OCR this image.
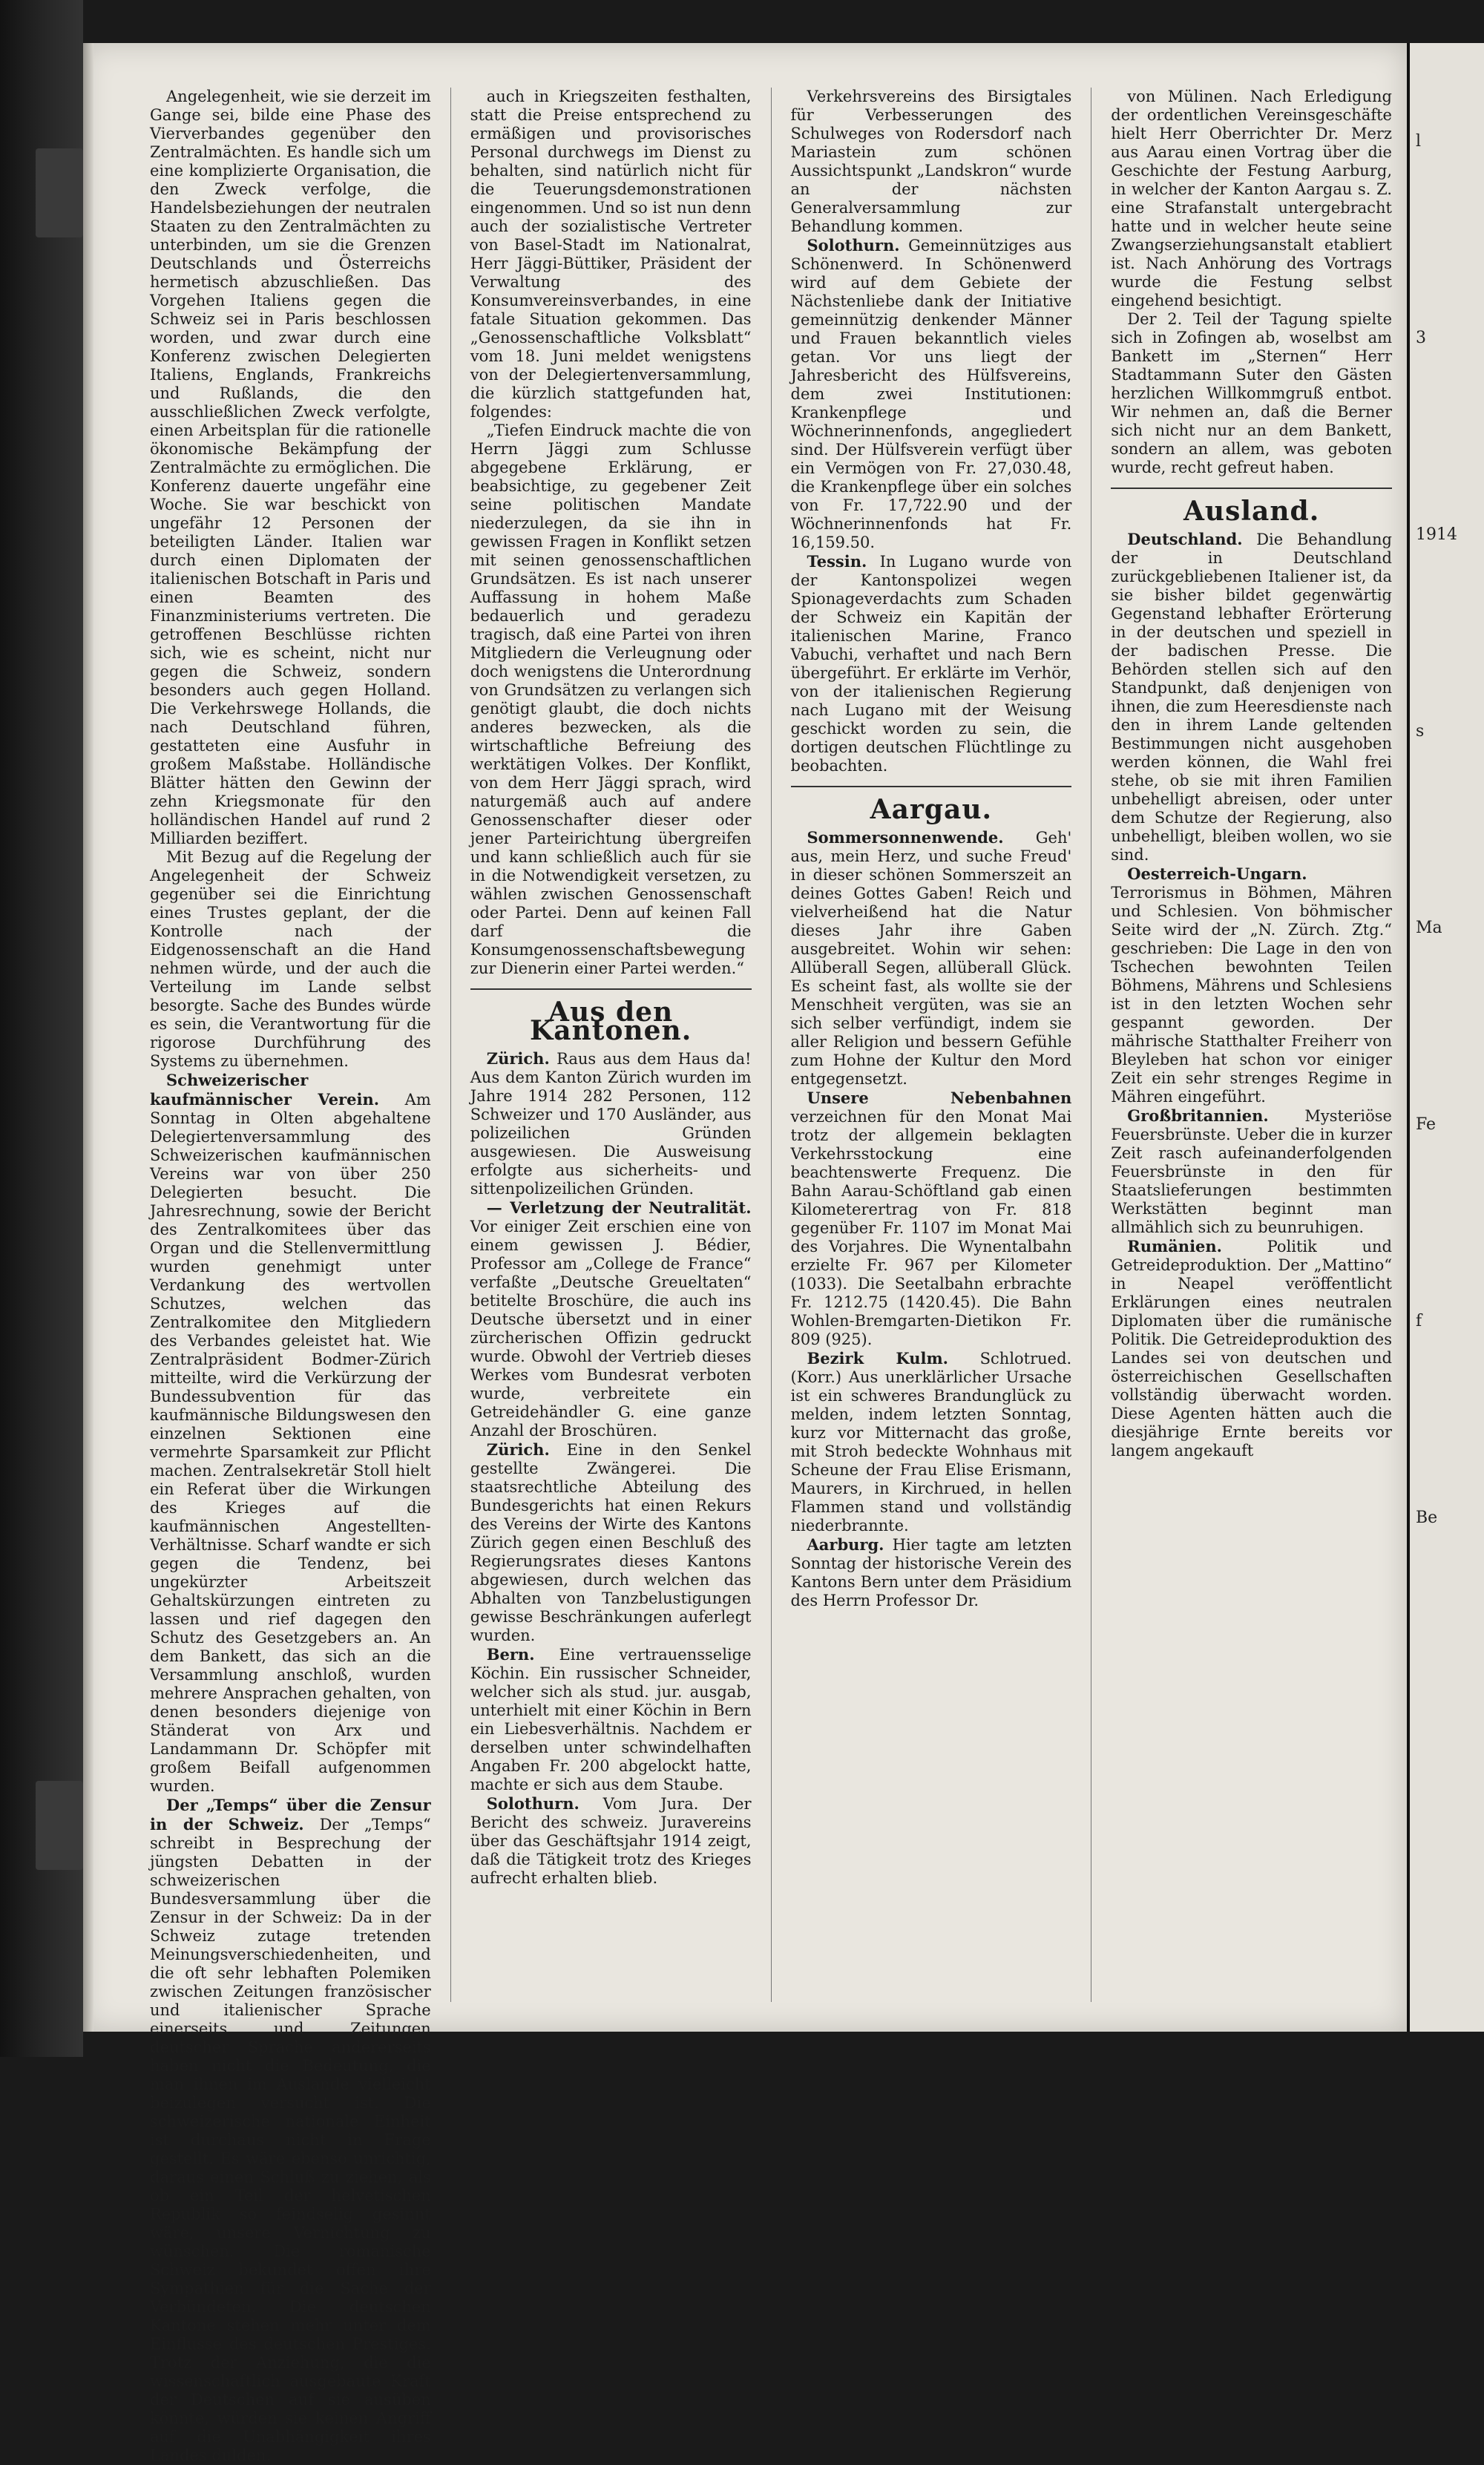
Angelegenheit, wie sie derzeit im Gange sei, bilde eine Phase des Vierverbandes gegenüber den Zentralmächten. Es handle sich um eine komplizierte Organisation, die den Zweck verfolge, die Handelsbeziehungen der neutralen Staaten zu den Zentralmächten zu unterbinden, um sie die Grenzen Deutschlands und Österreichs hermetisch abzuschließen. Das Vorgehen Italiens gegen die Schweiz sei in Paris beschlossen worden, und zwar durch eine Konferenz zwischen Delegierten Italiens, Englands, Frankreichs und Rußlands, die den ausschließlichen Zweck verfolgte, einen Arbeitsplan für die rationelle ökonomische Bekämpfung der Zentralmächte zu ermöglichen. Die Konferenz dauerte ungefähr eine Woche. Sie war beschickt von ungefähr 12 Personen der beteiligten Länder. Italien war durch einen Diplomaten der italienischen Botschaft in Paris und einen Beamten des Finanzministeriums vertreten. Die getroffenen Beschlüsse richten sich, wie es scheint, nicht nur gegen die Schweiz, sondern besonders auch gegen Holland. Die Verkehrswege Hollands, die nach Deutschland führen, gestatteten eine Ausfuhr in großem Maßstabe. Holländische Blätter hätten den Gewinn der zehn Kriegsmonate für den holländischen Handel auf rund 2 Milliarden beziffert.

Mit Bezug auf die Regelung der Angelegenheit der Schweiz gegenüber sei die Einrichtung eines Trustes geplant, der die Kontrolle nach der Eidgenossenschaft an die Hand nehmen würde, und der auch die Verteilung im Lande selbst besorgte. Sache des Bundes würde es sein, die Verantwortung für die rigorose Durchführung des Systems zu übernehmen.

Schweizerischer kaufmännischer Verein. Am Sonntag in Olten abgehaltene Delegiertenversammlung des Schweizerischen kaufmännischen Vereins war von über 250 Delegierten besucht. Die Jahresrechnung, sowie der Bericht des Zentralkomitees über das Organ und die Stellenvermittlung wurden genehmigt unter Verdankung des wertvollen Schutzes, welchen das Zentralkomitee den Mitgliedern des Verbandes geleistet hat. Wie Zentralpräsident Bodmer-Zürich mitteilte, wird die Verkürzung der Bundessubvention für das kaufmännische Bildungswesen den einzelnen Sektionen eine vermehrte Sparsamkeit zur Pflicht machen. Zentralsekretär Stoll hielt ein Referat über die Wirkungen des Krieges auf die kaufmännischen Angestellten-Verhältnisse. Scharf wandte er sich gegen die Tendenz, bei ungekürzter Arbeitszeit Gehaltskürzungen eintreten zu lassen und rief dagegen den Schutz des Gesetzgebers an. An dem Bankett, das sich an die Versammlung anschloß, wurden mehrere Ansprachen gehalten, von denen besonders diejenige von Ständerat von Arx und Landammann Dr. Schöpfer mit großem Beifall aufgenommen wurden.

Der „Temps“ über die Zensur in der Schweiz. Der „Temps“ schreibt in Besprechung der jüngsten Debatten in der schweizerischen Bundesversammlung über die Zensur in der Schweiz: Da in der Schweiz zutage tretenden Meinungsverschiedenheiten, und die oft sehr lebhaften Polemiken zwischen Zeitungen französischer und italienischer Sprache einerseits und Zeitungen deutscher Sprache andererseits haben nicht die Bedeutung, die man ihnen im Auslande vielleicht beizulegen versucht ist. Die schweizerische nationale Einheit ist durchaus nicht in Frage gestellt. Es wäre ebenso unrichtig, daraus einen Schluß zu ziehen, als ob ein Teil der helvetischen Republik so feindselig gesinnt wäre, unsere Vernichtung zu wünschen. Die romanische Schweiz bekundet offen ihre Sympathien für die Sache der Verbündeten. Die deutschen Kantone stehen mehr unter dem Einflusse des deutschen Prestiges. Trotz der Anziehung, die die wissenschaftlich ausgebaute Kraft der Deutschen auf sie ausüben könnte, würden sie keinen Angriff auf die Unabhängigkeit ihres Landes dulden.

auch in Kriegszeiten festhalten, statt die Preise entsprechend zu ermäßigen und provisorisches Personal durchwegs im Dienst zu behalten, sind natürlich nicht für die Teuerungsdemonstrationen eingenommen. Und so ist nun denn auch der sozialistische Vertreter von Basel-Stadt im Nationalrat, Herr Jäggi-Büttiker, Präsident der Verwaltung des Konsumvereinsverbandes, in eine fatale Situation gekommen. Das „Genossenschaftliche Volksblatt“ vom 18. Juni meldet wenigstens von der Delegiertenversammlung, die kürzlich stattgefunden hat, folgendes:

„Tiefen Eindruck machte die von Herrn Jäggi zum Schlusse abgegebene Erklärung, er beabsichtige, zu gegebener Zeit seine politischen Mandate niederzulegen, da sie ihn in gewissen Fragen in Konflikt setzen mit seinen genossenschaftlichen Grundsätzen. Es ist nach unserer Auffassung in hohem Maße bedauerlich und geradezu tragisch, daß eine Partei von ihren Mitgliedern die Verleugnung oder doch wenigstens die Unterordnung von Grundsätzen zu verlangen sich genötigt glaubt, die doch nichts anderes bezwecken, als die wirtschaftliche Befreiung des werktätigen Volkes. Der Konflikt, von dem Herr Jäggi sprach, wird naturgemäß auch auf andere Genossenschafter dieser oder jener Parteirichtung übergreifen und kann schließlich auch für sie in die Notwendigkeit versetzen, zu wählen zwischen Genossenschaft oder Partei. Denn auf keinen Fall darf die Konsumgenossenschaftsbewegung zur Dienerin einer Partei werden.“

Aus den Kantonen.

Zürich. Raus aus dem Haus da! Aus dem Kanton Zürich wurden im Jahre 1914 282 Personen, 112 Schweizer und 170 Ausländer, aus polizeilichen Gründen ausgewiesen. Die Ausweisung erfolgte aus sicherheits- und sittenpolizeilichen Gründen.

— Verletzung der Neutralität. Vor einiger Zeit erschien eine von einem gewissen J. Bédier, Professor am „College de France“ verfaßte „Deutsche Greueltaten“ betitelte Broschüre, die auch ins Deutsche übersetzt und in einer zürcherischen Offizin gedruckt wurde. Obwohl der Vertrieb dieses Werkes vom Bundesrat verboten wurde, verbreitete ein Getreidehändler G. eine ganze Anzahl der Broschüren.

Zürich. Eine in den Senkel gestellte Zwängerei. Die staatsrechtliche Abteilung des Bundesgerichts hat einen Rekurs des Vereins der Wirte des Kantons Zürich gegen einen Beschluß des Regierungsrates dieses Kantons abgewiesen, durch welchen das Abhalten von Tanzbelustigungen gewisse Beschränkungen auferlegt wurden.

Bern. Eine vertrauensselige Köchin. Ein russischer Schneider, welcher sich als stud. jur. ausgab, unterhielt mit einer Köchin in Bern ein Liebesverhältnis. Nachdem er derselben unter schwindelhaften Angaben Fr. 200 abgelockt hatte, machte er sich aus dem Staube.

Solothurn. Vom Jura. Der Bericht des schweiz. Juravereins über das Geschäftsjahr 1914 zeigt, daß die Tätigkeit trotz des Krieges aufrecht erhalten blieb.

Verkehrsvereins des Birsigtales für Verbesserungen des Schulweges von Rodersdorf nach Mariastein zum schönen Aussichtspunkt „Landskron“ wurde an der nächsten Generalversammlung zur Behandlung kommen.

Solothurn. Gemeinnütziges aus Schönenwerd. In Schönenwerd wird auf dem Gebiete der Nächstenliebe dank der Initiative gemeinnützig denkender Männer und Frauen bekanntlich vieles getan. Vor uns liegt der Jahresbericht des Hülfsvereins, dem zwei Institutionen: Krankenpflege und Wöchnerinnenfonds, angegliedert sind. Der Hülfsverein verfügt über ein Vermögen von Fr. 27,030.48, die Krankenpflege über ein solches von Fr. 17,722.90 und der Wöchnerinnenfonds hat Fr. 16,159.50.

Tessin. In Lugano wurde von der Kantonspolizei wegen Spionageverdachts zum Schaden der Schweiz ein Kapitän der italienischen Marine, Franco Vabuchi, verhaftet und nach Bern übergeführt. Er erklärte im Verhör, von der italienischen Regierung nach Lugano mit der Weisung geschickt worden zu sein, die dortigen deutschen Flüchtlinge zu beobachten.

Aargau.

Sommersonnenwende. Geh' aus, mein Herz, und suche Freud' in dieser schönen Sommerszeit an deines Gottes Gaben! Reich und vielverheißend hat die Natur dieses Jahr ihre Gaben ausgebreitet. Wohin wir sehen: Allüberall Segen, allüberall Glück. Es scheint fast, als wollte sie der Menschheit vergüten, was sie an sich selber verfündigt, indem sie aller Religion und bessern Gefühle zum Hohne der Kultur den Mord entgegensetzt.

Unsere Nebenbahnen verzeichnen für den Monat Mai trotz der allgemein beklagten Verkehrsstockung eine beachtenswerte Frequenz. Die Bahn Aarau-Schöftland gab einen Kilometerertrag von Fr. 818 gegenüber Fr. 1107 im Monat Mai des Vorjahres. Die Wynentalbahn erzielte Fr. 967 per Kilometer (1033). Die Seetalbahn erbrachte Fr. 1212.75 (1420.45). Die Bahn Wohlen-Bremgarten-Dietikon Fr. 809 (925).

Bezirk Kulm. Schlotrued. (Korr.) Aus unerklärlicher Ursache ist ein schweres Brandunglück zu melden, indem letzten Sonntag, kurz vor Mitternacht das große, mit Stroh bedeckte Wohnhaus mit Scheune der Frau Elise Erismann, Maurers, in Kirchrued, in hellen Flammen stand und vollständig niederbrannte.

Aarburg. Hier tagte am letzten Sonntag der historische Verein des Kantons Bern unter dem Präsidium des Herrn Professor Dr.

von Mülinen. Nach Erledigung der ordentlichen Vereinsgeschäfte hielt Herr Oberrichter Dr. Merz aus Aarau einen Vortrag über die Geschichte der Festung Aarburg, in welcher der Kanton Aargau s. Z. eine Strafanstalt untergebracht hatte und in welcher heute seine Zwangserziehungsanstalt etabliert ist. Nach Anhörung des Vortrags wurde die Festung selbst eingehend besichtigt.

Der 2. Teil der Tagung spielte sich in Zofingen ab, woselbst am Bankett im „Sternen“ Herr Stadtammann Suter den Gästen herzlichen Willkommgruß entbot. Wir nehmen an, daß die Berner sich nicht nur an dem Bankett, sondern an allem, was geboten wurde, recht gefreut haben.

Ausland.

Deutschland. Die Behandlung der in Deutschland zurückgebliebenen Italiener ist, da sie bisher bildet gegenwärtig Gegenstand lebhafter Erörterung in der deutschen und speziell in der badischen Presse. Die Behörden stellen sich auf den Standpunkt, daß denjenigen von ihnen, die zum Heeresdienste nach den in ihrem Lande geltenden Bestimmungen nicht ausgehoben werden können, die Wahl frei stehe, ob sie mit ihren Familien unbehelligt abreisen, oder unter dem Schutze der Regierung, also unbehelligt, bleiben wollen, wo sie sind.

Oesterreich-Ungarn. Terrorismus in Böhmen, Mähren und Schlesien. Von böhmischer Seite wird der „N. Zürch. Ztg.“ geschrieben: Die Lage in den von Tschechen bewohnten Teilen Böhmens, Mährens und Schlesiens ist in den letzten Wochen sehr gespannt geworden. Der mährische Statthalter Freiherr von Bleyleben hat schon vor einiger Zeit ein sehr strenges Regime in Mähren eingeführt.

Großbritannien. Mysteriöse Feuersbrünste. Ueber die in kurzer Zeit rasch aufeinanderfolgenden Feuersbrünste in den für Staatslieferungen bestimmten Werkstätten beginnt man allmählich sich zu beunruhigen.

Rumänien.	Politik und Getreideproduktion. Der „Mattino“ in Neapel veröffentlicht Erklärungen eines neutralen Diplomaten über die rumänische Politik. Die Getreideproduktion des Landes sei von deutschen und österreichischen Gesellschaften vollständig überwacht worden. Diese Agenten hätten auch die diesjährige Ernte bereits vor langem angekauft

l
3
1914
s
Ma
Fe
f
Be
